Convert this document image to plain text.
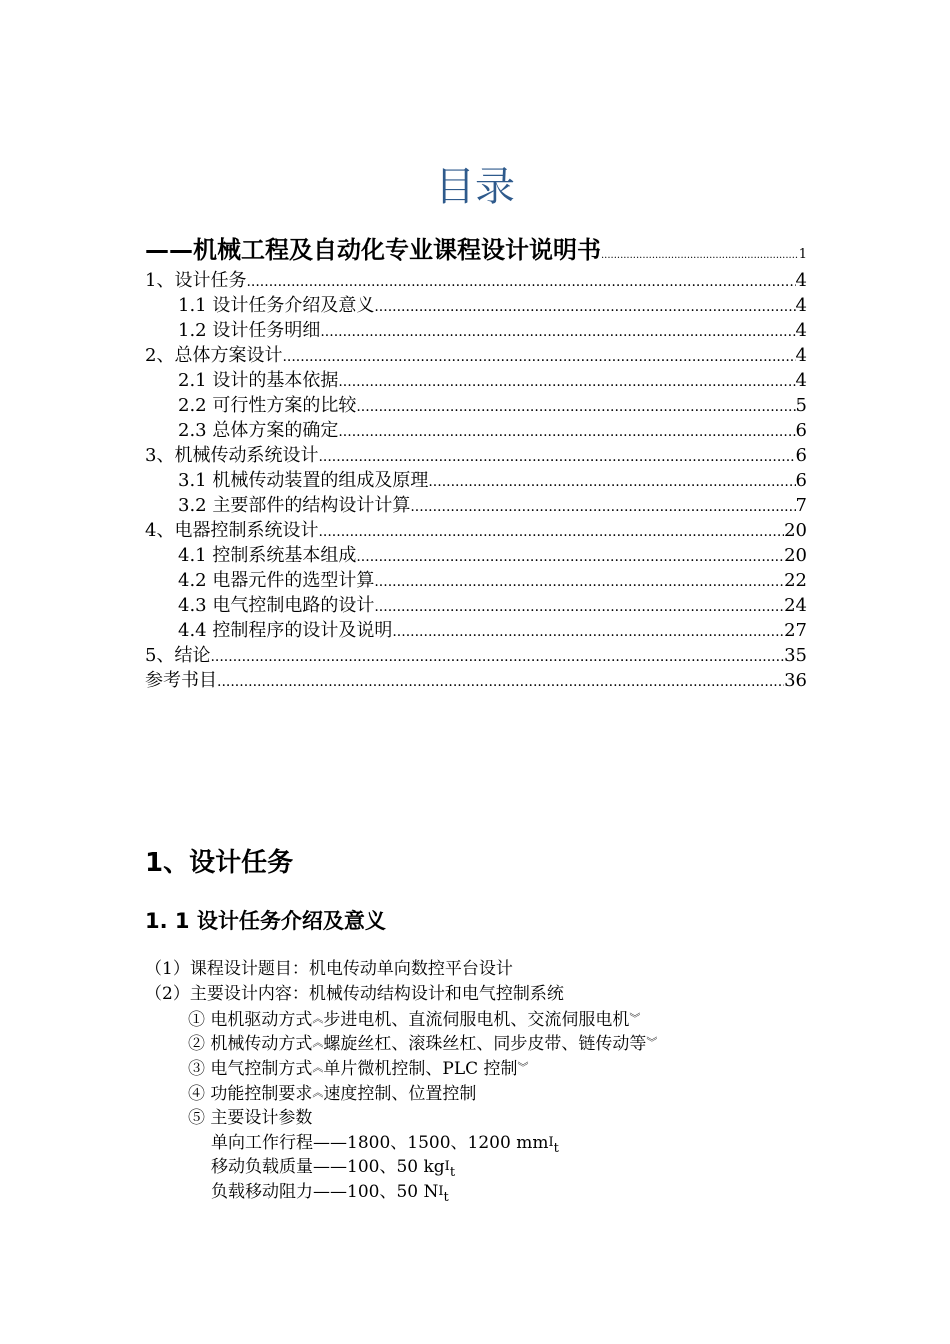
目录
——机械工程及自动化专业课程设计说明书 .....	1
1、设计任务 .....	4
1.1 设计任务介绍及意义 .....	4
1.2 设计任务明细 .....	4
2、总体方案设计 .....	4
2.1 设计的基本依据 .....	4
2.2 可行性方案的比较 .....	5
2.3 总体方案的确定 .....	6
3、机械传动系统设计 .....	6
3.1 机械传动装置的组成及原理 .....	6
3.2 主要部件的结构设计计算 .....	7
4、电器控制系统设计 .....	20
4.1 控制系统基本组成 .....	20
4.2 电器元件的选型计算 .....	22
4.3 电气控制电路的设计 .....	24
4.4 控制程序的设计及说明 .....	27
5、结论 .....	35
参考书目 .....	36
1、设计任务
1. 1 设计任务介绍及意义
（1）课程设计题目：机电传动单向数控平台设计
（2）主要设计内容：机械传动结构设计和电气控制系统
① 电机驱动方式︽步进电机、直流伺服电机、交流伺服电机︾
② 机械传动方式︽螺旋丝杠、滚珠丝杠、同步皮带、链传动等︾
③ 电气控制方式︽单片微机控制、PLC 控制︾
④ 功能控制要求︽速度控制、位置控制
⑤ 主要设计参数
单向工作行程——1800、1500、1200 mmI$_t$
移动负载质量——100、50 kgI$_t$
负载移动阻力——100、50 $NI_t$
